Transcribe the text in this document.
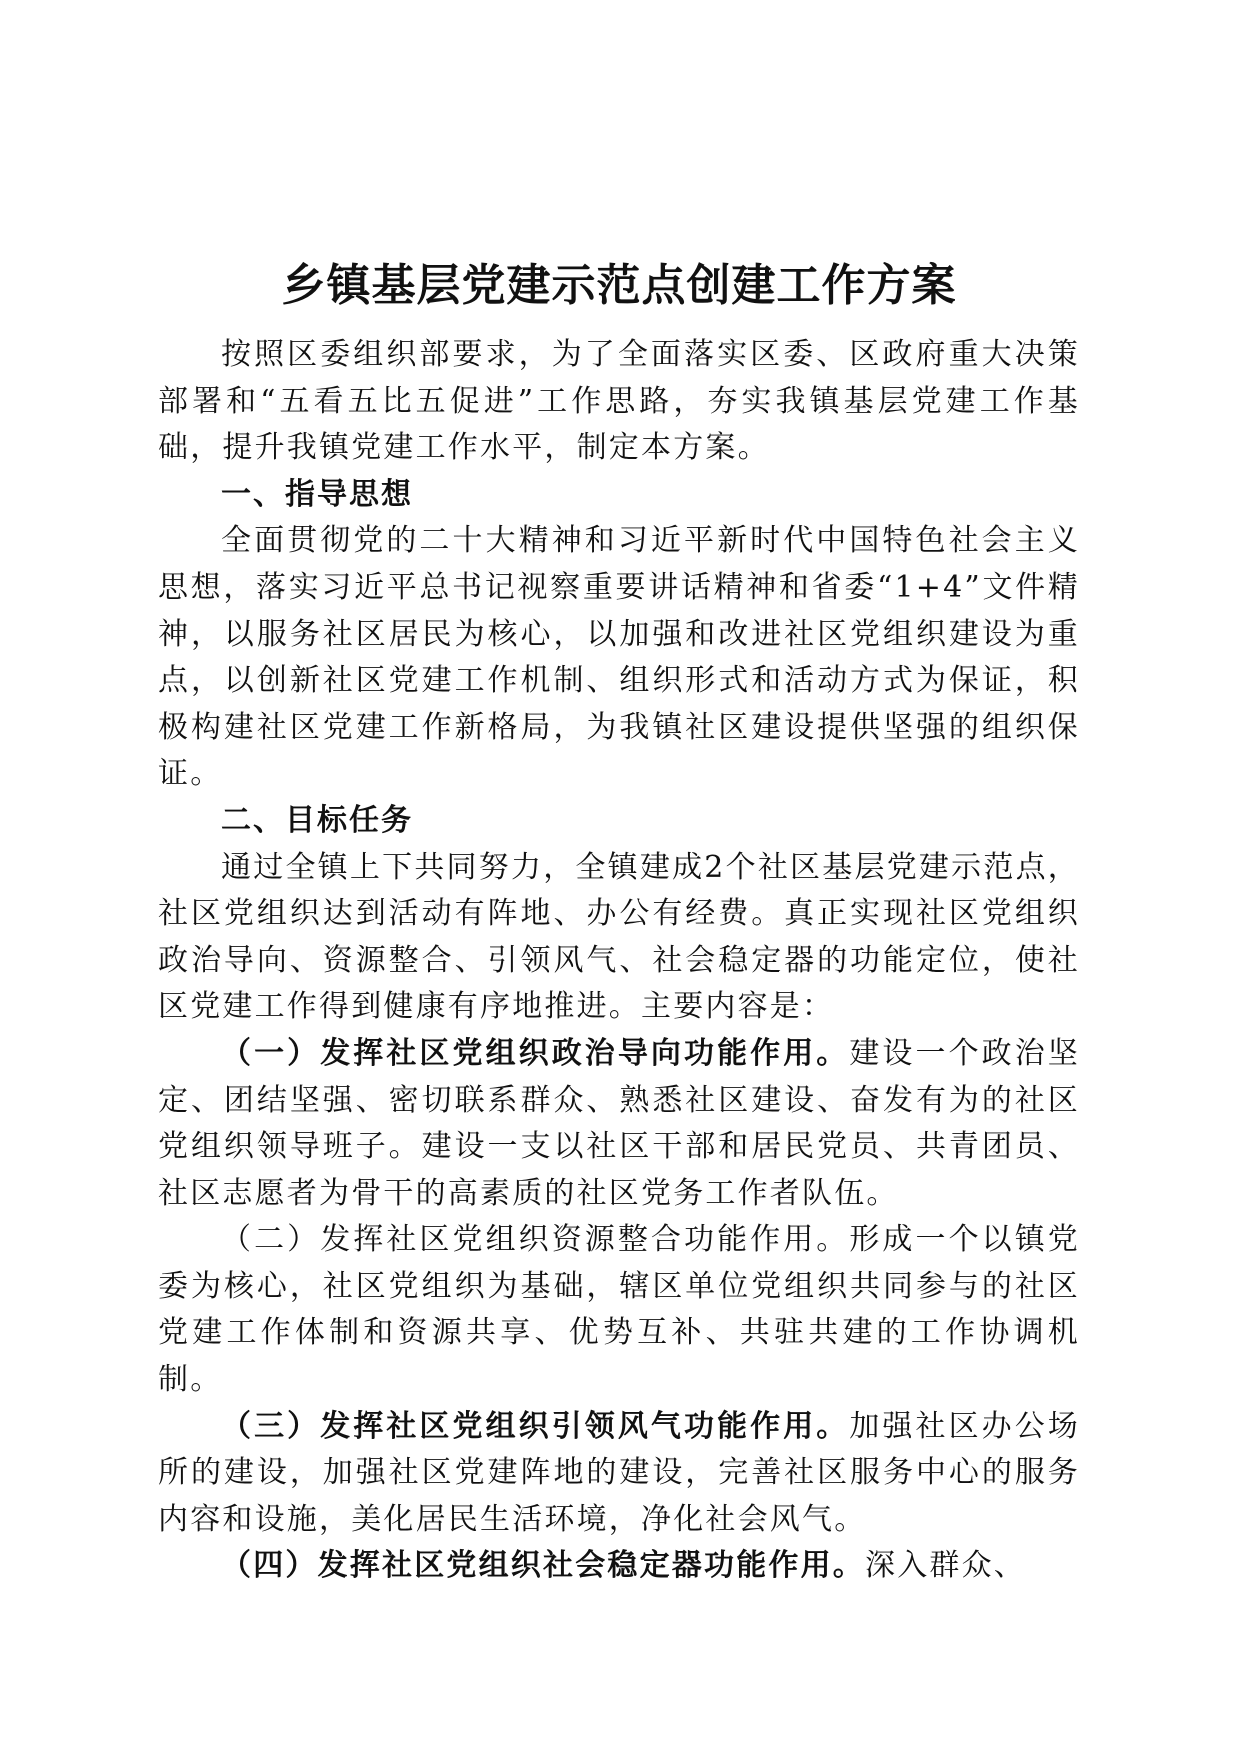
乡镇基层党建示范点创建工作方案

按照区委组织部要求，为了全面落实区委、区政府重大决策部署和“五看五比五促进”工作思路，夯实我镇基层党建工作基础，提升我镇党建工作水平，制定本方案。

一、指导思想

全面贯彻党的二十大精神和习近平新时代中国特色社会主义思想，落实习近平总书记视察重要讲话精神和省委“1+4”文件精神，以服务社区居民为核心，以加强和改进社区党组织建设为重点，以创新社区党建工作机制、组织形式和活动方式为保证，积极构建社区党建工作新格局，为我镇社区建设提供坚强的组织保证。

二、目标任务

通过全镇上下共同努力，全镇建成2个社区基层党建示范点，社区党组织达到活动有阵地、办公有经费。真正实现社区党组织政治导向、资源整合、引领风气、社会稳定器的功能定位，使社区党建工作得到健康有序地推进。主要内容是：

（一）发挥社区党组织政治导向功能作用。建设一个政治坚定、团结坚强、密切联系群众、熟悉社区建设、奋发有为的社区党组织领导班子。建设一支以社区干部和居民党员、共青团员、社区志愿者为骨干的高素质的社区党务工作者队伍。

（二）发挥社区党组织资源整合功能作用。形成一个以镇党委为核心，社区党组织为基础，辖区单位党组织共同参与的社区党建工作体制和资源共享、优势互补、共驻共建的工作协调机制。

（三）发挥社区党组织引领风气功能作用。加强社区办公场所的建设，加强社区党建阵地的建设，完善社区服务中心的服务内容和设施，美化居民生活环境，净化社会风气。

（四）发挥社区党组织社会稳定器功能作用。深入群众、
